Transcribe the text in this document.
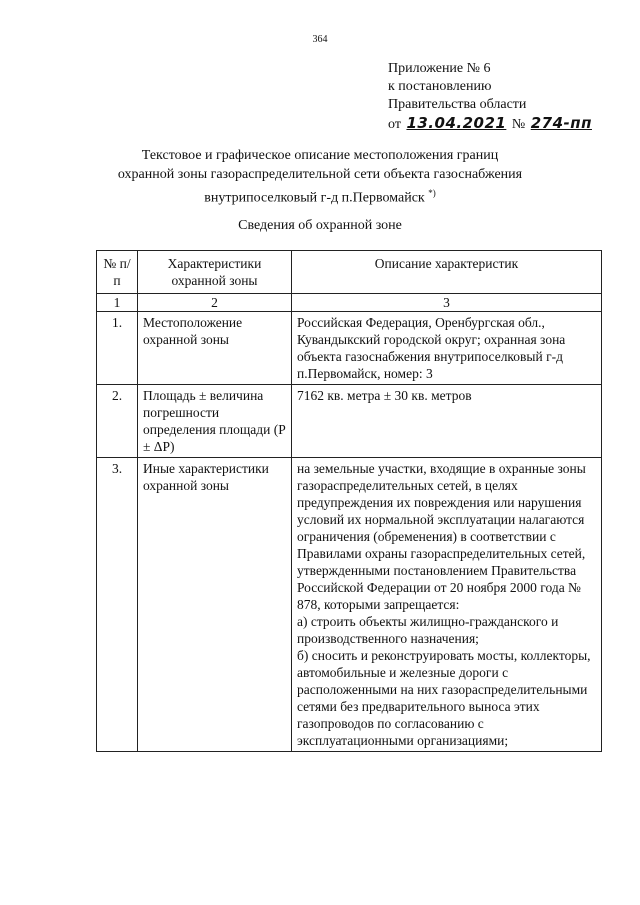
364
Приложение № 6
к постановлению
Правительства области
от 13.04.2021 № 274-пп
Текстовое и графическое описание местоположения границ
охранной зоны газораспределительной сети объекта газоснабжения
внутрипоселковый г-д п.Первомайск *)
Сведения об охранной зоне
№ п/п	Характеристики охранной зоны	Описание характеристик
1	2	3
1.	Местоположение охранной зоны	Российская Федерация, Оренбургская обл., Кувандыкский городской округ; охранная зона объекта газоснабжения внутрипоселковый г-д п.Первомайск, номер: 3
2.	Площадь ± величина погрешности определения площади (P ± ΔP)	7162 кв. метра ± 30 кв. метров
3.	Иные характеристики охранной зоны	на земельные участки, входящие в охранные зоны газораспределительных сетей, в целях предупреждения их повреждения или нарушения условий их нормальной эксплуатации налагаются ограничения (обременения) в соответствии с Правилами охраны газораспределительных сетей, утвержденными постановлением Правительства Российской Федерации от 20 ноября 2000 года № 878, которыми запрещается:
а) строить объекты жилищно-гражданского и производственного назначения;
б) сносить и реконструировать мосты, коллекторы, автомобильные и железные дороги с расположенными на них газораспределительными сетями без предварительного выноса этих газопроводов по согласованию с эксплуатационными организациями;
